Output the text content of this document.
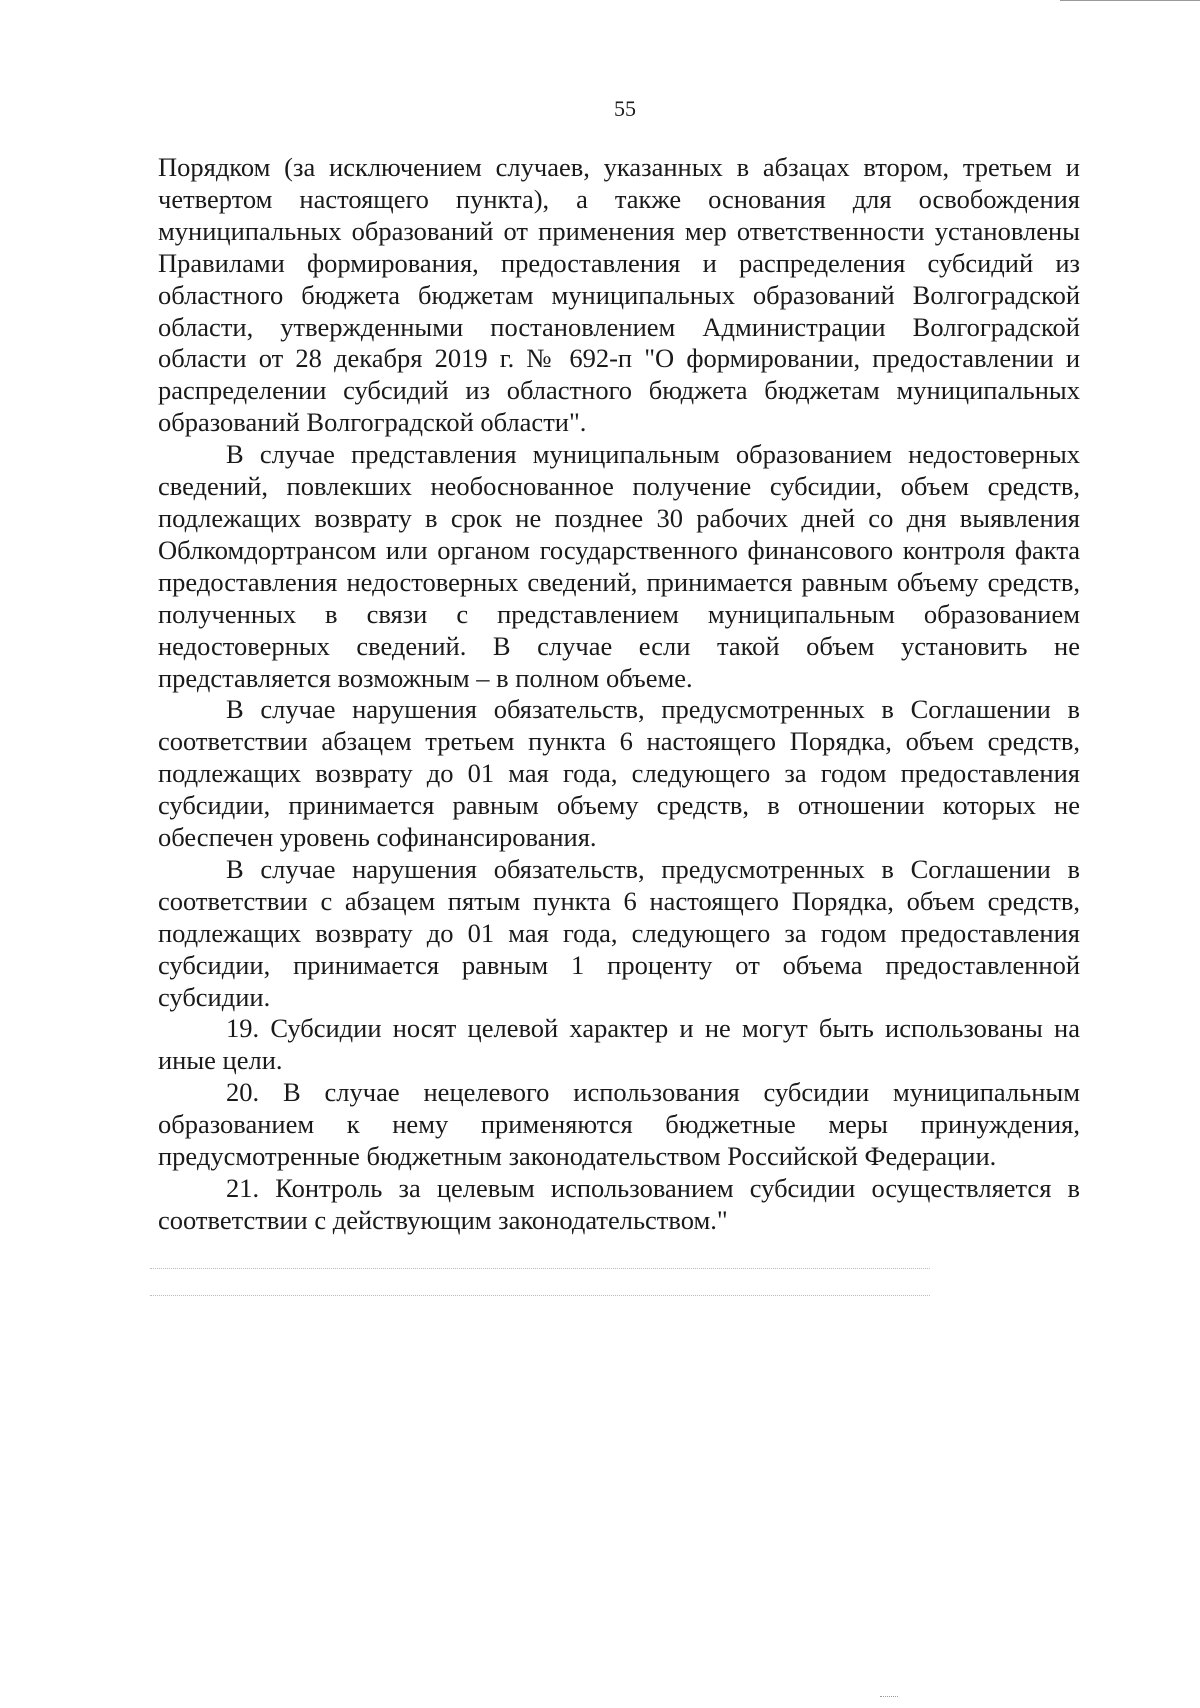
55

Порядком (за исключением случаев, указанных в абзацах втором, третьем и четвертом настоящего пункта), а также основания для освобождения муниципальных образований от применения мер ответственности установлены Правилами формирования, предоставления и распределения субсидий из областного бюджета бюджетам муниципальных образований Волгоградской области, утвержденными постановлением Администрации Волгоградской области от 28 декабря 2019 г. № 692-п "О формировании, предоставлении и распределении субсидий из областного бюджета бюджетам муниципальных образований Волгоградской области".

В случае представления муниципальным образованием недостоверных сведений, повлекших необоснованное получение субсидии, объем средств, подлежащих возврату в срок не позднее 30 рабочих дней со дня выявления Облкомдортрансом или органом государственного финансового контроля факта предоставления недостоверных сведений, принимается равным объему средств, полученных в связи с представлением муниципальным образованием недостоверных сведений. В случае если такой объем установить не представляется возможным – в полном объеме.

В случае нарушения обязательств, предусмотренных в Соглашении в соответствии абзацем третьем пункта 6 настоящего Порядка, объем средств, подлежащих возврату до 01 мая года, следующего за годом предоставления субсидии, принимается равным объему средств, в отношении которых не обеспечен уровень софинансирования.

В случае нарушения обязательств, предусмотренных в Соглашении в соответствии с абзацем пятым пункта 6 настоящего Порядка, объем средств, подлежащих возврату до 01 мая года, следующего за годом предоставления субсидии, принимается равным 1 проценту от объема предоставленной субсидии.

19. Субсидии носят целевой характер и не могут быть использованы на иные цели.

20. В случае нецелевого использования субсидии муниципальным образованием к нему применяются бюджетные меры принуждения, предусмотренные бюджетным законодательством Российской Федерации.

21. Контроль за целевым использованием субсидии осуществляется в соответствии с действующим законодательством."
